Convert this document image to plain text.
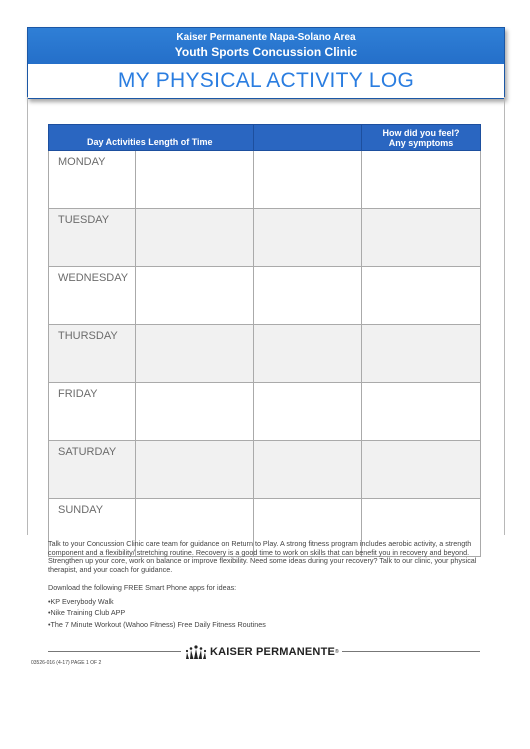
Kaiser Permanente Napa-Solano Area
Youth Sports Concussion Clinic
MY PHYSICAL ACTIVITY LOG
Day Activities Length of Time			How did you feel?
Any symptoms

MONDAY			
TUESDAY			
WEDNESDAY			
THURSDAY			
FRIDAY			
SATURDAY			
SUNDAY			
Talk to your Concussion Clinic care team for guidance on Return to Play. A strong fitness program includes aerobic activity, a strength component and a flexibility/ stretching routine. Recovery is a good time to work on skills that can benefit you in recovery and beyond. Strengthen up your core, work on balance or improve flexibility. Need some ideas during your recovery? Talk to our clinic, your physical therapist, and your coach for guidance.
Download the following FREE Smart Phone apps for ideas:
•KP Everybody Walk
•Nike Training Club APP
•The 7 Minute Workout (Wahoo Fitness) Free Daily Fitness Routines
KAISER PERMANENTE ®
03526-016 (4-17) PAGE 1 OF 2
